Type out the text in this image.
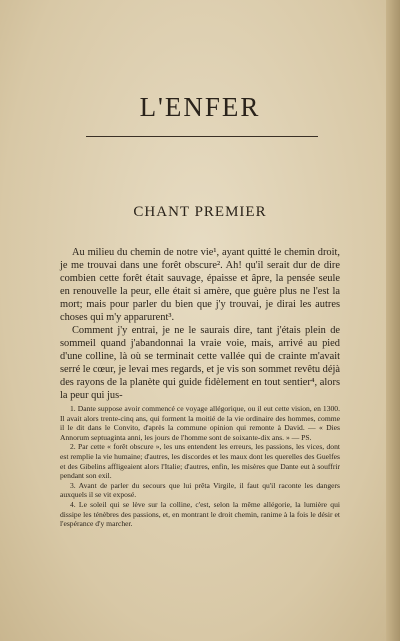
L'ENFER
CHANT PREMIER

Au milieu du chemin de notre vie¹, ayant quitté le chemin droit, je me trouvai dans une forêt obscure². Ah! qu'il serait dur de dire combien cette forêt était sauvage, épaisse et âpre, la pensée seule en renouvelle la peur, elle était si amère, que guère plus ne l'est la mort; mais pour parler du bien que j'y trouvai, je dirai les autres choses qui m'y apparurent³.

Comment j'y entrai, je ne le saurais dire, tant j'étais plein de sommeil quand j'abandonnai la vraie voie, mais, arrivé au pied d'une colline, là où se terminait cette vallée qui de crainte m'avait serré le cœur, je levai mes regards, et je vis son sommet revêtu déjà des rayons de la planète qui guide fidèlement en tout sentier⁴, alors la peur qui jus-

1. Dante suppose avoir commencé ce voyage allégorique, ou il eut cette vision, en 1300. Il avait alors trente-cinq ans, qui forment la moitié de la vie ordinaire des hommes, comme il le dit dans le Convito, d'après la commune opinion qui remonte à David. — « Dies Annorum septuaginta anni, les jours de l'homme sont de soixante-dix ans. » — PS.

2. Par cette « forêt obscure », les uns entendent les erreurs, les passions, les vices, dont est remplie la vie humaine; d'autres, les discordes et les maux dont les querelles des Guelfes et des Gibelins affligeaient alors l'Italie; d'autres, enfin, les misères que Dante eut à souffrir pendant son exil.

3. Avant de parler du secours que lui prêta Virgile, il faut qu'il raconte les dangers auxquels il se vit exposé.

4. Le soleil qui se lève sur la colline, c'est, selon la même allégorie, la lumière qui dissipe les ténèbres des passions, et, en montrant le droit chemin, ranime à la fois le désir et l'espérance d'y marcher.
